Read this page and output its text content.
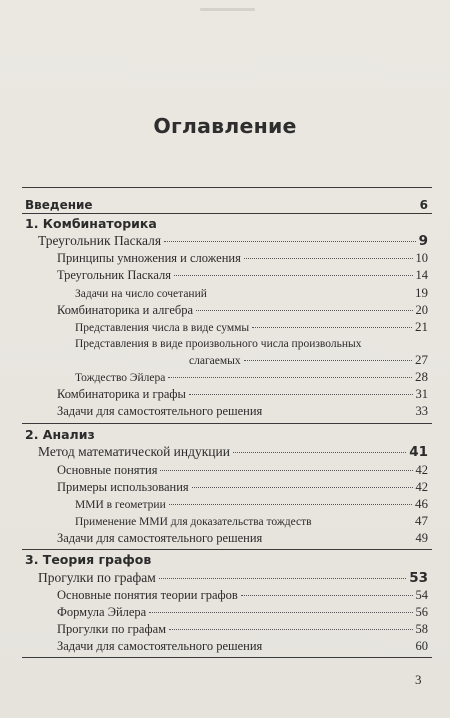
Оглавление
Введение	6
1. Комбинаторика
Треугольник Паскаля	9
Принципы умножения и сложения	10
Треугольник Паскаля	14
Задачи на число сочетаний	19
Комбинаторика и алгебра	20
Представления числа в виде суммы	21
Представления в виде произвольного числа произвольных
слагаемых	27
Тождество Эйлера	28
Комбинаторика и графы	31
Задачи для самостоятельного решения	33
2. Анализ
Метод математической индукции	41
Основные понятия	42
Примеры использования	42
ММИ в геометрии	46
Применение ММИ для доказательства тождеств	47
Задачи для самостоятельного решения	49
3. Теория графов
Прогулки по графам	53
Основные понятия теории графов	54
Формула Эйлера	56
Прогулки по графам	58
Задачи для самостоятельного решения	60
3
